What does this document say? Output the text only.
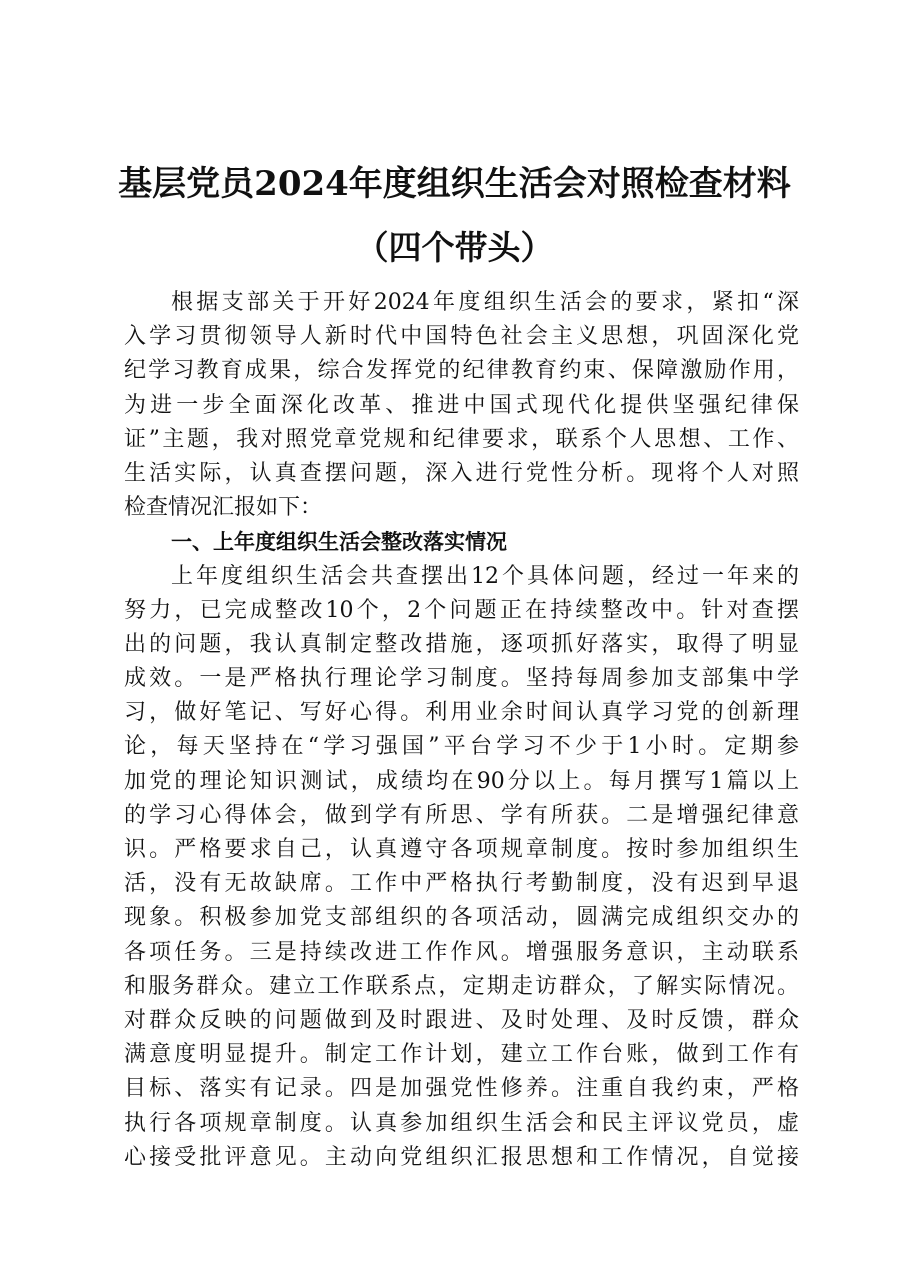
基层党员2024年度组织生活会对照检查材料
（四个带头）
根据支部关于开好2024年度组织生活会的要求，紧扣“深
入学习贯彻领导人新时代中国特色社会主义思想，巩固深化党
纪学习教育成果，综合发挥党的纪律教育约束、保障激励作用，
为进一步全面深化改革、推进中国式现代化提供坚强纪律保
证”主题，我对照党章党规和纪律要求，联系个人思想、工作、
生活实际，认真查摆问题，深入进行党性分析。现将个人对照
检查情况汇报如下：
一、上年度组织生活会整改落实情况
上年度组织生活会共查摆出12个具体问题，经过一年来的
努力，已完成整改10个，2个问题正在持续整改中。针对查摆
出的问题，我认真制定整改措施，逐项抓好落实，取得了明显
成效。一是严格执行理论学习制度。坚持每周参加支部集中学
习，做好笔记、写好心得。利用业余时间认真学习党的创新理
论，每天坚持在“学习强国”平台学习不少于1小时。定期参
加党的理论知识测试，成绩均在90分以上。每月撰写1篇以上
的学习心得体会，做到学有所思、学有所获。二是增强纪律意
识。严格要求自己，认真遵守各项规章制度。按时参加组织生
活，没有无故缺席。工作中严格执行考勤制度，没有迟到早退
现象。积极参加党支部组织的各项活动，圆满完成组织交办的
各项任务。三是持续改进工作作风。增强服务意识，主动联系
和服务群众。建立工作联系点，定期走访群众，了解实际情况。
对群众反映的问题做到及时跟进、及时处理、及时反馈，群众
满意度明显提升。制定工作计划，建立工作台账，做到工作有
目标、落实有记录。四是加强党性修养。注重自我约束，严格
执行各项规章制度。认真参加组织生活会和民主评议党员，虚
心接受批评意见。主动向党组织汇报思想和工作情况，自觉接
